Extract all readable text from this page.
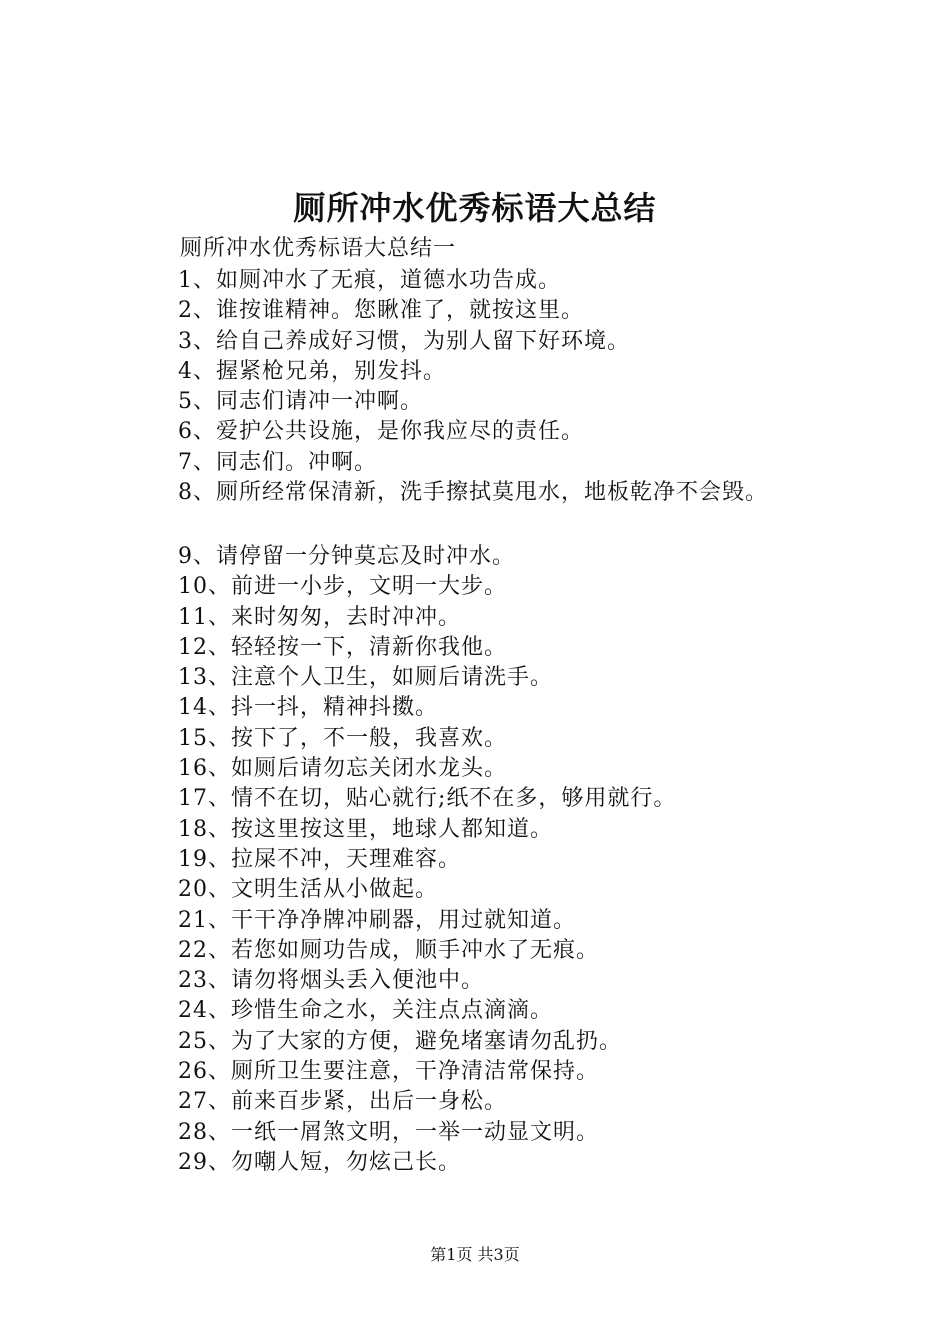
厕所冲水优秀标语大总结
厕所冲水优秀标语大总结一
1、如厕冲水了无痕，道德水功告成。
2、谁按谁精神。您瞅准了，就按这里。
3、给自己养成好习惯，为别人留下好环境。
4、握紧枪兄弟，别发抖。
5、同志们请冲一冲啊。
6、爱护公共设施，是你我应尽的责任。
7、同志们。冲啊。
8、厕所经常保清新，洗手擦拭莫甩水，地板乾净不会毁。
9、请停留一分钟莫忘及时冲水。
10、前进一小步，文明一大步。
11、来时匆匆，去时冲冲。
12、轻轻按一下，清新你我他。
13、注意个人卫生，如厕后请洗手。
14、抖一抖，精神抖擞。
15、按下了，不一般，我喜欢。
16、如厕后请勿忘关闭水龙头。
17、情不在切，贴心就行;纸不在多，够用就行。
18、按这里按这里，地球人都知道。
19、拉屎不冲，天理难容。
20、文明生活从小做起。
21、干干净净牌冲刷器，用过就知道。
22、若您如厕功告成，顺手冲水了无痕。
23、请勿将烟头丢入便池中。
24、珍惜生命之水，关注点点滴滴。
25、为了大家的方便，避免堵塞请勿乱扔。
26、厕所卫生要注意，干净清洁常保持。
27、前来百步紧，出后一身松。
28、一纸一屑煞文明，一举一动显文明。
29、勿嘲人短，勿炫己长。
第1页 共3页
